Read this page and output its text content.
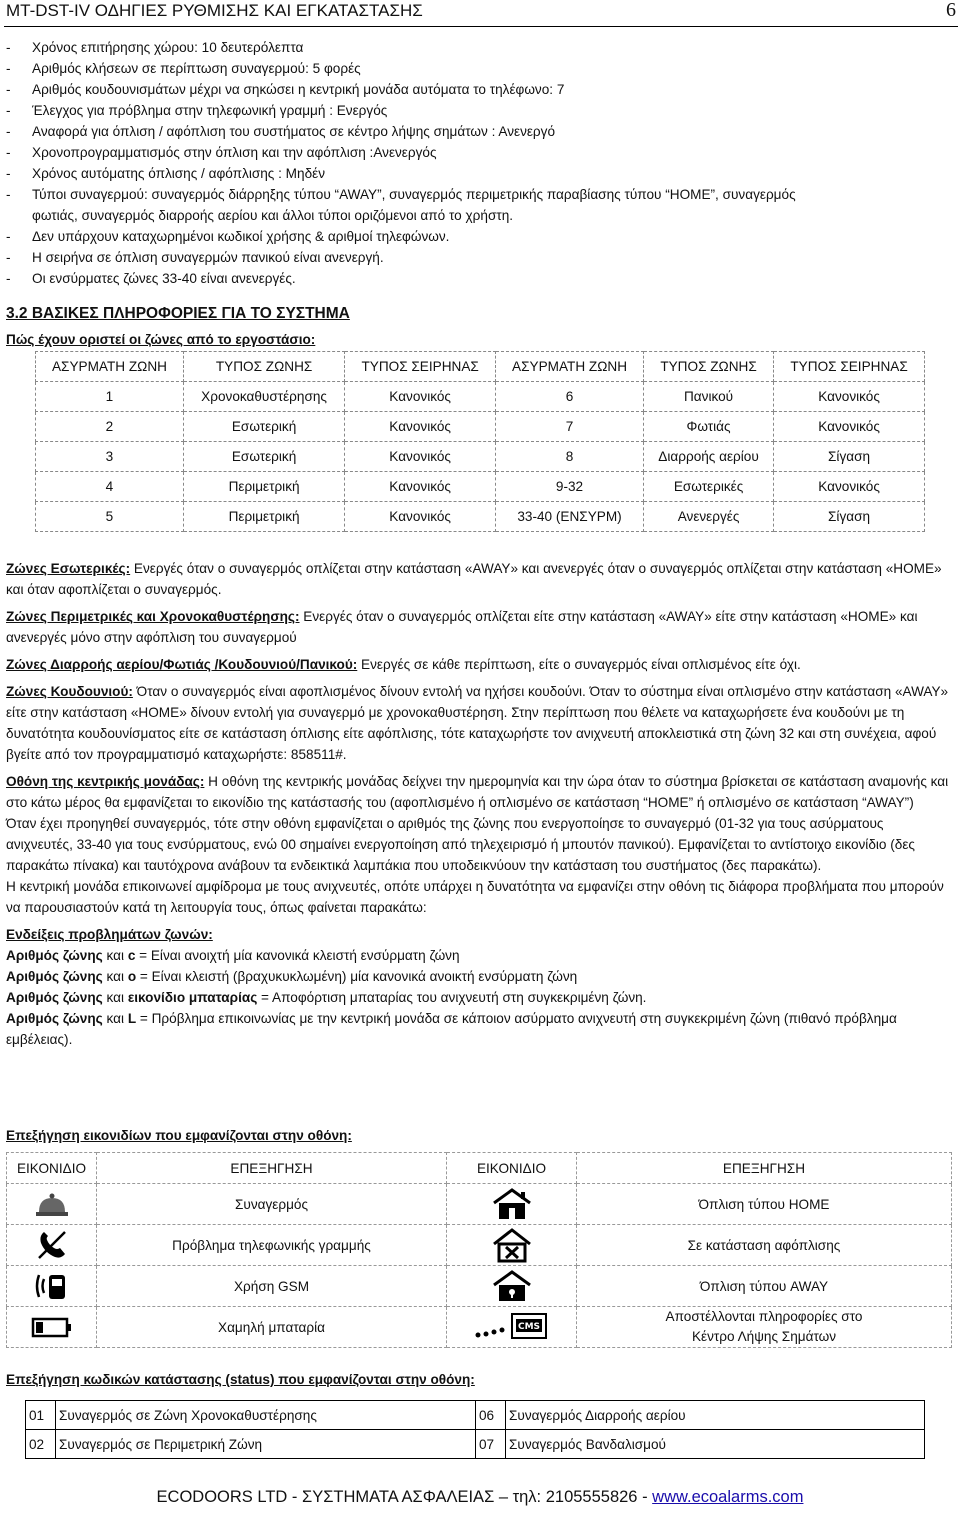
MT-DST-IV ΟΔΗΓΙΕΣ ΡΥΘΜΙΣΗΣ ΚΑΙ ΕΓΚΑΤΑΣΤΑΣΗΣ	6
- Χρόνος επιτήρησης χώρου: 10 δευτερόλεπτα
- Αριθμός κλήσεων σε περίπτωση συναγερμού: 5 φορές
- Αριθμός κουδουνισμάτων μέχρι να σηκώσει η κεντρική μονάδα αυτόματα το τηλέφωνο: 7
- Έλεγχος για πρόβλημα στην τηλεφωνική γραμμή : Ενεργός
- Αναφορά για όπλιση / αφόπλιση του συστήματος σε κέντρο λήψης σημάτων : Ανενεργό
- Χρονοπρογραμματισμός στην όπλιση και την αφόπλιση :Ανενεργός
- Χρόνος αυτόματης όπλισης / αφόπλισης : Μηδέν
- Τύποι συναγερμού: συναγερμός διάρρηξης τύπου “AWAY”, συναγερμός περιμετρικής παραβίασης τύπου “HOME”, συναγερμός
φωτιάς, συναγερμός διαρροής αερίου και άλλοι τύποι οριζόμενοι από το χρήστη.
- Δεν υπάρχουν καταχωρημένοι κωδικοί χρήσης & αριθμοί τηλεφώνων.
- Η σειρήνα σε όπλιση συναγερμών πανικού είναι ανενεργή.
- Οι ενσύρματες ζώνες 33-40 είναι ανενεργές.
3.2 ΒΑΣΙΚΕΣ ΠΛΗΡΟΦΟΡΙΕΣ ΓΙΑ ΤΟ ΣΥΣΤΗΜΑ
Πώς έχουν οριστεί οι ζώνες από το εργοστάσιο:
ΑΣΥΡΜΑΤΗ ΖΩΝΗ	ΤΥΠΟΣ ΖΩΝΗΣ	ΤΥΠΟΣ ΣΕΙΡΗΝΑΣ	ΑΣΥΡΜΑΤΗ ΖΩΝΗ	ΤΥΠΟΣ ΖΩΝΗΣ	ΤΥΠΟΣ ΣΕΙΡΗΝΑΣ
1	Χρονοκαθυστέρησης	Κανονικός	6	Πανικού	Κανονικός
2	Εσωτερική	Κανονικός	7	Φωτιάς	Κανονικός
3	Εσωτερική	Κανονικός	8	Διαρροής αερίου	Σίγαση
4	Περιμετρική	Κανονικός	9-32	Εσωτερικές	Κανονικός
5	Περιμετρική	Κανονικός	33-40 (ΕΝΣΥΡΜ)	Ανενεργές	Σίγαση

Ζώνες Εσωτερικές: Ενεργές όταν ο συναγερμός οπλίζεται στην κατάσταση «AWAY» και ανενεργές όταν ο συναγερμός οπλίζεται στην κατάσταση «HOME» και όταν αφοπλίζεται ο συναγερμός.

Ζώνες Περιμετρικές και Χρονοκαθυστέρησης: Ενεργές όταν ο συναγερμός οπλίζεται είτε στην κατάσταση «AWAY» είτε στην κατάσταση «HOME» και ανενεργές μόνο στην αφόπλιση του συναγερμού

Ζώνες Διαρροής αερίου/Φωτιάς /Κουδουνιού/Πανικού: Ενεργές σε κάθε περίπτωση, είτε ο συναγερμός είναι οπλισμένος είτε όχι.

Ζώνες Κουδουνιού: Όταν ο συναγερμός είναι αφοπλισμένος δίνουν εντολή να ηχήσει κουδούνι. Όταν το σύστημα είναι οπλισμένο στην κατάσταση «AWAY» είτε στην κατάσταση «HOME» δίνουν εντολή για συναγερμό με χρονοκαθυστέρηση. Στην περίπτωση που θέλετε να καταχωρήσετε ένα κουδούνι με τη δυνατότητα κουδουνίσματος είτε σε κατάσταση όπλισης είτε αφόπλισης, τότε καταχωρήστε τον ανιχνευτή αποκλειστικά στη ζώνη 32 και στη συνέχεια, αφού βγείτε από τον προγραμματισμό καταχωρήστε: 858511#.

Οθόνη της κεντρικής μονάδας: Η οθόνη της κεντρικής μονάδας δείχνει την ημερομηνία και την ώρα όταν το σύστημα βρίσκεται σε κατάσταση αναμονής και στο κάτω μέρος θα εμφανίζεται το εικονίδιο της κατάστασής του (αφοπλισμένο ή οπλισμένο σε κατάσταση “HOME” ή οπλισμένο σε κατάσταση “AWAY”)

Όταν έχει προηγηθεί συναγερμός, τότε στην οθόνη εμφανίζεται ο αριθμός της ζώνης που ενεργοποίησε το συναγερμό (01-32 για τους ασύρματους ανιχνευτές, 33-40 για τους ενσύρματους, ενώ 00 σημαίνει ενεργοποίηση από τηλεχειρισμό ή μπουτόν πανικού). Εμφανίζεται το αντίστοιχο εικονίδιο (δες παρακάτω πίνακα) και ταυτόχρονα ανάβουν τα ενδεικτικά λαμπάκια που υποδεικνύουν την κατάσταση του συστήματος (δες παρακάτω).

Η κεντρική μονάδα επικοινωνεί αμφίδρομα με τους ανιχνευτές, οπότε υπάρχει η δυνατότητα να εμφανίζει στην οθόνη τις διάφορα προβλήματα που μπορούν να παρουσιαστούν κατά τη λειτουργία τους, όπως φαίνεται παρακάτω:

Ενδείξεις προβλημάτων ζωνών:

Αριθμός ζώνης και c = Είναι ανοιχτή μία κανονικά κλειστή ενσύρματη ζώνη

Αριθμός ζώνης και o = Είναι κλειστή (βραχυκυκλωμένη) μία κανονικά ανοικτή ενσύρματη ζώνη

Αριθμός ζώνης και εικονίδιο μπαταρίας = Αποφόρτιση μπαταρίας του ανιχνευτή στη συγκεκριμένη ζώνη.

Αριθμός ζώνης και L = Πρόβλημα επικοινωνίας με την κεντρική μονάδα σε κάποιον ασύρματο ανιχνευτή στη συγκεκριμένη ζώνη (πιθανό πρόβλημα εμβέλειας).

Επεξήγηση εικονιδίων που εμφανίζονται στην οθόνη:
ΕΙΚΟΝΙΔΙΟ	ΕΠΕΞΗΓΗΣΗ	ΕΙΚΟΝΙΔΙΟ	ΕΠΕΞΗΓΗΣΗ

	Συναγερμός		Όπλιση τύπου HOME

	Πρόβλημα τηλεφωνικής γραμμής		Σε κατάσταση αφόπλισης

	Χρήση GSM		Όπλιση τύπου AWAY

	Χαμηλή μπαταρία	CMS	Αποστέλλονται πληροφορίες στο
Κέντρο Λήψης Σημάτων
Επεξήγηση κωδικών κατάστασης (status) που εμφανίζονται στην οθόνη:
01	Συναγερμός σε Ζώνη Χρονοκαθυστέρησης	06	Συναγερμός Διαρροής αερίου
02	Συναγερμός σε Περιμετρική Ζώνη	07	Συναγερμός Βανδαλισμού
ECODOORS LTD - ΣΥΣΤΗΜΑΤΑ ΑΣΦΑΛΕΙΑΣ – τηλ: 2105555826 - www.ecoalarms.com
